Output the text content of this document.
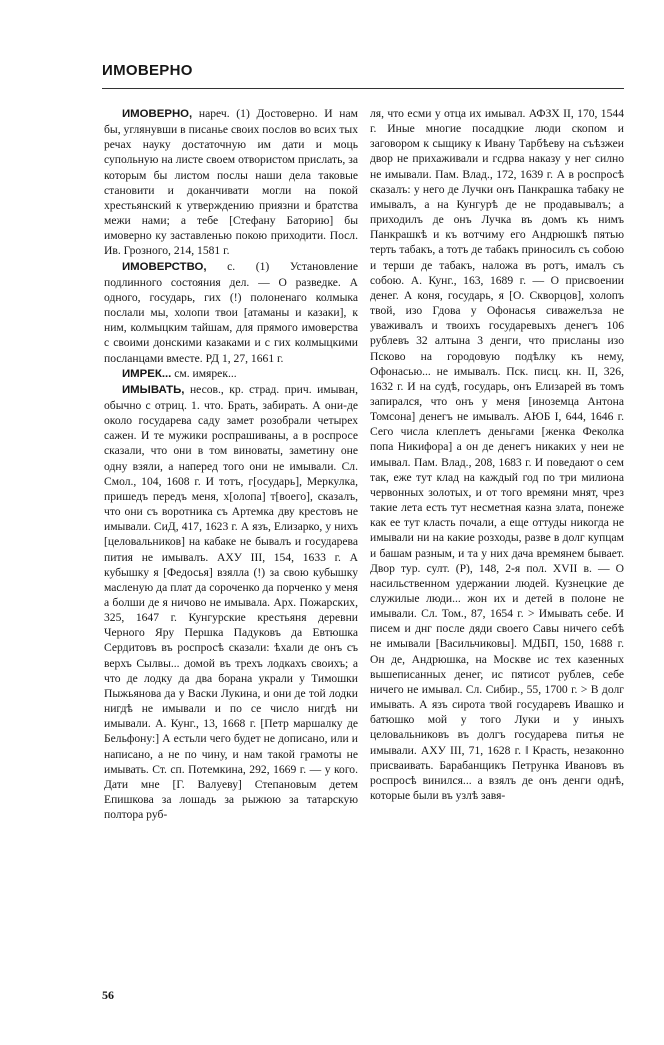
ИМОВЕРНО

ИМОВЕРНО, нареч. (1) Достоверно. И нам бы, углянувши в писанье своих послов во всих тых речах науку достаточную им дати и моць супольную на листе своем отвористом прислать, за которым бы листом послы наши дела таковые становити и доканчивати могли на покой хрестьянский к утверждению приязни и братства межи нами; а тебе [Стефану Баторию] бы имоверно ку заставленью покою приходити. Посл. Ив. Грозного, 214, 1581 г.

ИМОВЕРСТВО, с. (1) Установление подлинного состояния дел. — О разведке. А одного, государь, гих (!) полоненаго колмыка послали мы, холопи твои [атаманы и казаки], к ним, колмыцким тайшам, для прямого имоверства с своими донскими казаками и с гих колмыцкими посланцами вместе. РД 1, 27, 1661 г.

ИМРЕК... см. имярек...

ИМЫВАТЬ, несов., кр. страд. прич. имыван, обычно с отриц. 1. что. Брать, забирать. А они-де около государева саду замет розобрали четырех сажен. И те мужики роспрашиваны, а в роспросе сказали, что они в том виноваты, заметину оне одну взяли, а наперед того они не имывали. Сл. Смол., 104, 1608 г. И тотъ, г[осударь], Меркулка, пришедъ передъ меня, х[олопа] т[воего], сказалъ, что они съ воротника съ Артемка дву крестовъ не имывали. СиД, 417, 1623 г. А язъ, Елизарко, у нихъ [целовальников] на кабаке не бывалъ и государева пития не имывалъ. АХУ III, 154, 1633 г. А кубышку я [Федосья] взялла (!) за свою кубышку масленую да плат да сороченко да порченко у меня а болши де я ничово не имывала. Арх. Пожарских, 325, 1647 г. Кунгурские крестьяня деревни Черного Яру Першка Падуковъ да Евтюшка Сердитовъ въ роспросѣ сказали: ѣхали де онъ съ верхъ Сылвы... домой въ трехъ лодкахъ своихъ; а что де лодку да два борана украли у Тимошки Пыжьянова да у Васки Лукина, и они де той лодки нигдѣ не имывали и по се число нигдѣ ни имывали. А. Кунг., 13, 1668 г. [Петр маршалку де Бельфону:] А естьли чего будет не дописано, или и написано, а не по чину, и нам такой грамоты не имывать. Ст. сп. Потемкина, 292, 1669 г. — у кого. Дати мне [Г. Валуеву] Степановым детем Епишкова за лошадь за рыжюю за татарскую полтора руб-

ля, что есми у отца их имывал. АФЗХ II, 170, 1544 г. Иные многие посадцкие люди скопом и заговором к сыщику к Ивану Тарбѣеву на съѣзжеи двор не прихаживали и гсдрва наказу у нег силно не имывали. Пам. Влад., 172, 1639 г. А в роспросѣ сказалъ: у него де Лучки онъ Панкрашка табаку не имывалъ, а на Кунгурѣ де не продавывалъ; а приходилъ де онъ Лучка въ домъ къ нимъ Панкрашкѣ и къ вотчиму его Андрюшкѣ пятью терть табакъ, а тотъ де табакъ приносилъ съ собою и терши де табакъ, наложа въ ротъ, ималъ съ собою. А. Кунг., 163, 1689 г. — О присвоении денег. А коня, государь, я [О. Скворцов], холопъ твой, изо Гдова у Офонасья сиважелъза не уваживалъ и твоихъ государевыхъ денегъ 106 рублевъ 32 алтына 3 денги, что присланы изо Псково на городовую подѣлку къ нему, Офонасью... не имывалъ. Пск. писц. кн. II, 326, 1632 г. И на судѣ, государь, онъ Елизарей въ томъ запирался, что онъ у меня [иноземца Антона Томсона] денегъ не имывалъ. АЮБ I, 644, 1646 г. Сего числа клеплетъ деньгами [женка Феколка попа Никифора] а он де денегъ никаких у неи не имывал. Пам. Влад., 208, 1683 г. И поведают о сем так, еже тут клад на каждый год по три милиона червонных золотых, и от того времяни мнят, чрез такие лета есть тут несметная казна злата, понеже как ее тут класть почали, а еще оттуды никогда не имывали ни на какие розходы, разве в долг купцам и башам разным, и та у них дача времянем бывает. Двор тур. султ. (Р), 148, 2-я пол. XVII в. — О насильственном удержании людей. Кузнецкие де служилые люди... жон их и детей в полоне не имывали. Сл. Том., 87, 1654 г. > Имывать себе. И писем и днг после дяди своего Савы ничего себѣ не имывали [Васильчиковы]. МДБП, 150, 1688 г. Он де, Андрюшка, на Москве ис тех казенных вышеписанных денег, ис пятисот рублев, себе ничего не имывал. Сл. Сибир., 55, 1700 г. > В долг имывать. А язъ сирота твой государевъ Ивашко и батюшко мой у того Луки и у иныхъ целовальниковъ въ долгъ государева питья не имывали. АХУ III, 71, 1628 г. ‖ Красть, незаконно присваивать. Барабанщикъ Петрунка Ивановъ въ роспросѣ винился... а взялъ де онъ денги однѣ, которые были въ узлѣ завя-

56
